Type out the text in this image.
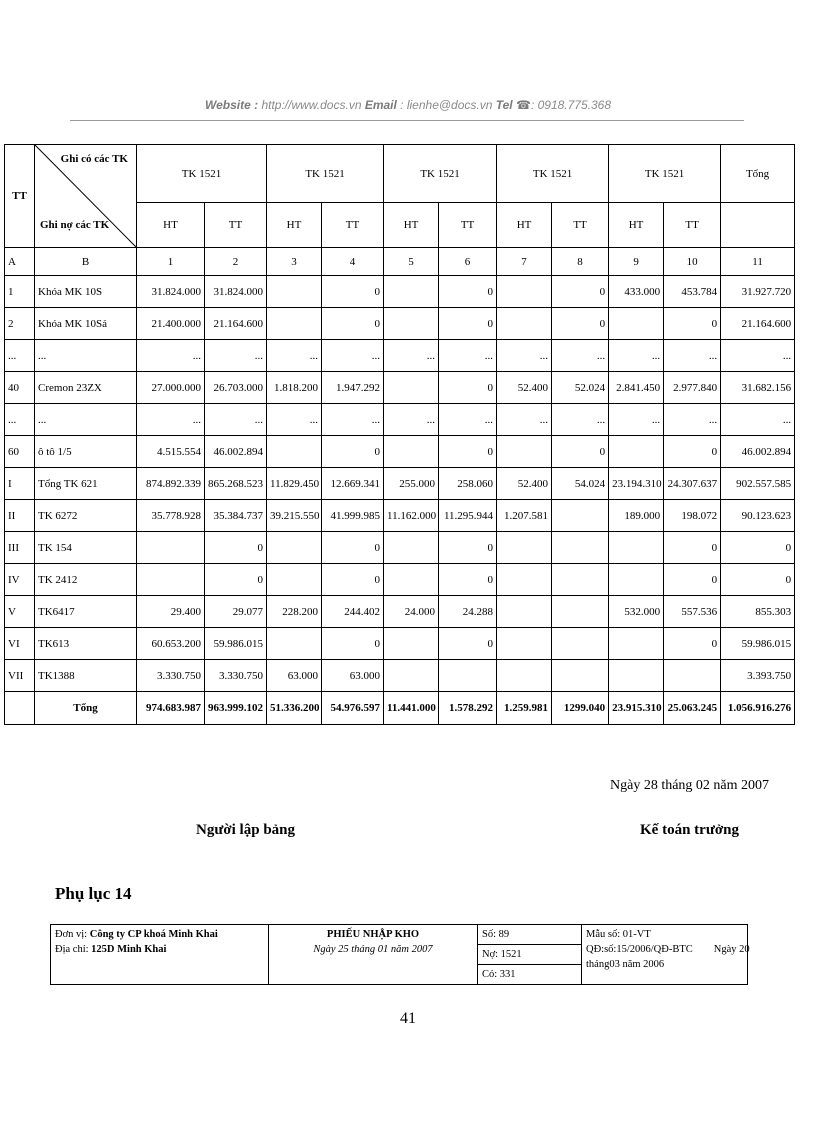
Website : http://www.docs.vn Email : lienhe@docs.vn Tel ☎: 0918.775.368
TT	Ghi có các TK
Ghi nợ các TK	TK 1521		TK 1521		TK 1521		TK 1521		TK 1521		Tổng
		HT	TT	HT	TT	HT	TT	HT	TT	HT	TT	
A	B	1	2	3	4	5	6	7	8	9	10	11
1	Khóa MK 10S	31.824.000	31.824.000		0		0		0	433.000	453.784	31.927.720
2	Khóa MK 10Sả	21.400.000	21.164.600		0		0		0		0	21.164.600
...	...	...	...	...	...	...	...	...	...	...	...	...
40	Cremon 23ZX	27.000.000	26.703.000	1.818.200	1.947.292		0	52.400	52.024	2.841.450	2.977.840	31.682.156
...	...	...	...	...	...	...	...	...	...	...	...	...
60	ô tô 1/5	4.515.554	46.002.894		0		0		0		0	46.002.894
I	Tổng TK 621	874.892.339	865.268.523	11.829.450	12.669.341	255.000	258.060	52.400	54.024	23.194.310	24.307.637	902.557.585
II	TK 6272	35.778.928	35.384.737	39.215.550	41.999.985	11.162.000	11.295.944	1.207.581		189.000	198.072	90.123.623
III	TK 154		0		0		0				0	0
IV	TK 2412		0		0		0				0	0
V	TK6417	29.400	29.077	228.200	244.402	24.000	24.288			532.000	557.536	855.303
VI	TK613	60.653.200	59.986.015		0		0				0	59.986.015
VII	TK1388	3.330.750	3.330.750	63.000	63.000							3.393.750
	Tổng	974.683.987	963.999.102	51.336.200	54.976.597	11.441.000	1.578.292	1.259.981	1299.040	23.915.310	25.063.245	1.056.916.276
Ngày 28 tháng 02 năm 2007
Người lập bảng	Kế toán trưởng
Phụ lục 14
Đơn vị: Công ty CP khoá Minh Khai
Địa chỉ: 125D Minh Khai

PHIẾU NHẬP KHO
Ngày 25 tháng 01 năm 2007

Số: 89
Nợ: 1521
Có: 331

Mẫu số: 01-VT
QĐ:số:15/2006/QĐ-BTC        Ngày 20
tháng03 năm 2006
41
